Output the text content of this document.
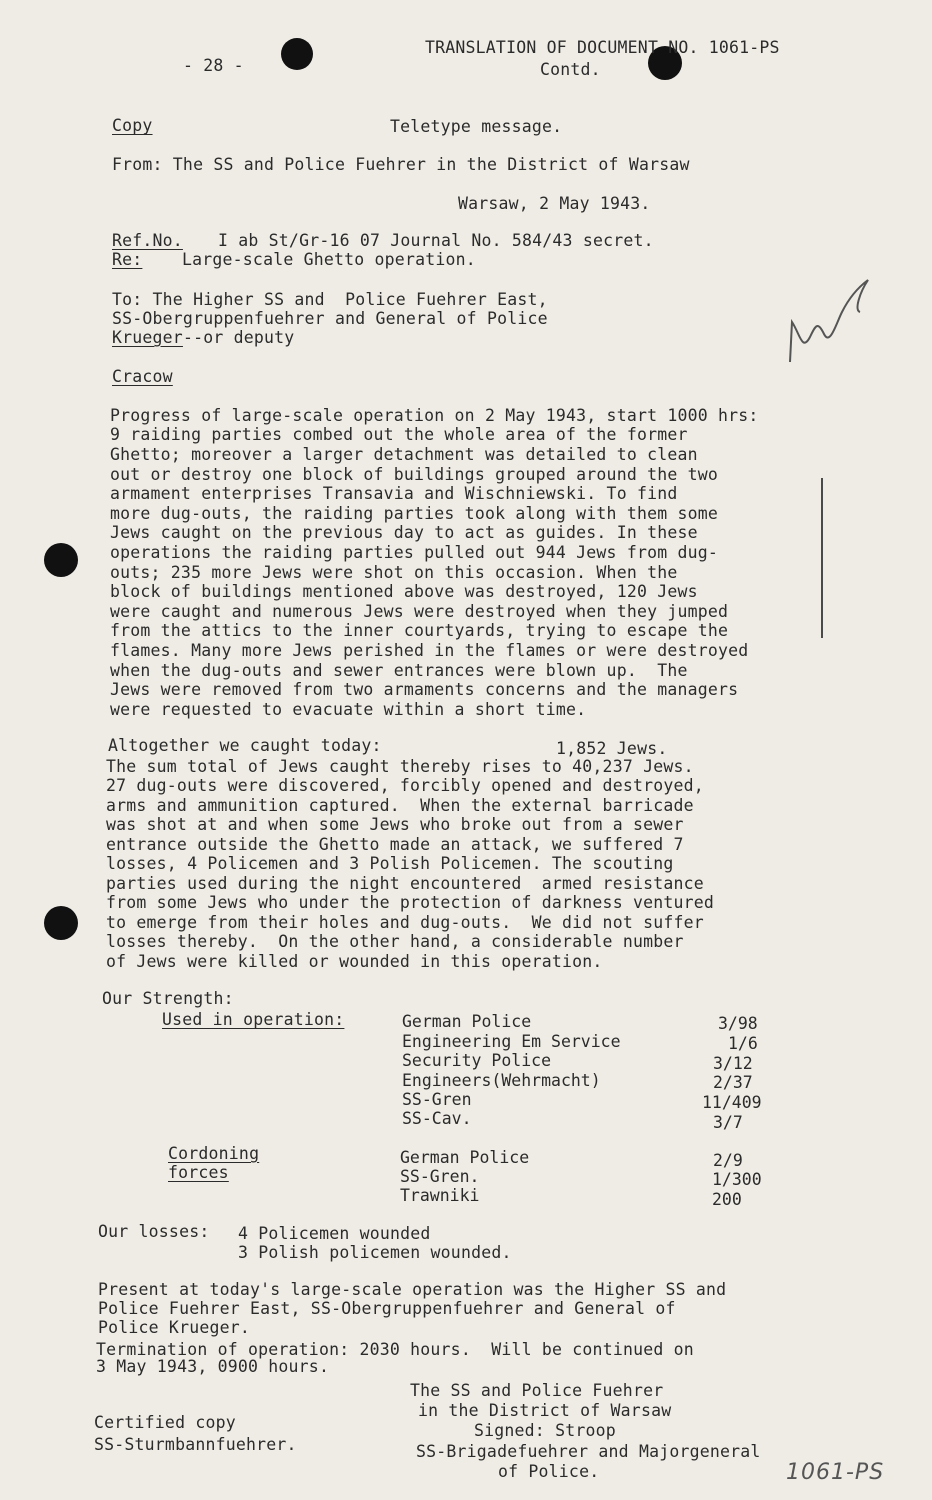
- 28 -
TRANSLATION OF DOCUMENT NO. 1061-PS
Contd.
Copy	Teletype message.
From: The SS and Police Fuehrer in the District of Warsaw
Warsaw, 2 May 1943.
Ref.No. I ab St/Gr-16 07 Journal No. 584/43 secret.
Re: Large-scale Ghetto operation.
To: The Higher SS and  Police Fuehrer East,
SS-Obergruppenfuehrer and General of Police
Krueger--or deputy
Cracow
Progress of large-scale operation on 2 May 1943, start 1000 hrs:
9 raiding parties combed out the whole area of the former
Ghetto; moreover a larger detachment was detailed to clean
out or destroy one block of buildings grouped around the two
armament enterprises Transavia and Wischniewski. To find
more dug-outs, the raiding parties took along with them some
Jews caught on the previous day to act as guides. In these
operations the raiding parties pulled out 944 Jews from dug-
outs; 235 more Jews were shot on this occasion. When the
block of buildings mentioned above was destroyed, 120 Jews
were caught and numerous Jews were destroyed when they jumped
from the attics to the inner courtyards, trying to escape the
flames. Many more Jews perished in the flames or were destroyed
when the dug-outs and sewer entrances were blown up.  The
Jews were removed from two armaments concerns and the managers
were requested to evacuate within a short time.
Altogether we caught today:	1,852 Jews.
The sum total of Jews caught thereby rises to 40,237 Jews.
27 dug-outs were discovered, forcibly opened and destroyed,
arms and ammunition captured.  When the external barricade
was shot at and when some Jews who broke out from a sewer
entrance outside the Ghetto made an attack, we suffered 7
losses, 4 Policemen and 3 Polish Policemen. The scouting
parties used during the night encountered  armed resistance
from some Jews who under the protection of darkness ventured
to emerge from their holes and dug-outs.  We did not suffer
losses thereby.  On the other hand, a considerable number
of Jews were killed or wounded in this operation.
Our Strength:
Used in operation:	German Police	3/98
Engineering Em Service	1/6
Security Police	3/12
Engineers(Wehrmacht)	2/37
SS-Gren	11/409
SS-Cav.	3/7
Cordoning
forces
German Police	2/9
SS-Gren.	1/300
Trawniki	200
Our losses: 4 Policemen wounded
3 Polish policemen wounded.
Present at today's large-scale operation was the Higher SS and
Police Fuehrer East, SS-Obergruppenfuehrer and General of
Police Krueger.
Termination of operation: 2030 hours.  Will be continued on
3 May 1943, 0900 hours.
The SS and Police Fuehrer
in the District of Warsaw
Signed: Stroop
SS-Brigadefuehrer and Majorgeneral
of Police.
Certified copy
SS-Sturmbannfuehrer.
1061-PS
